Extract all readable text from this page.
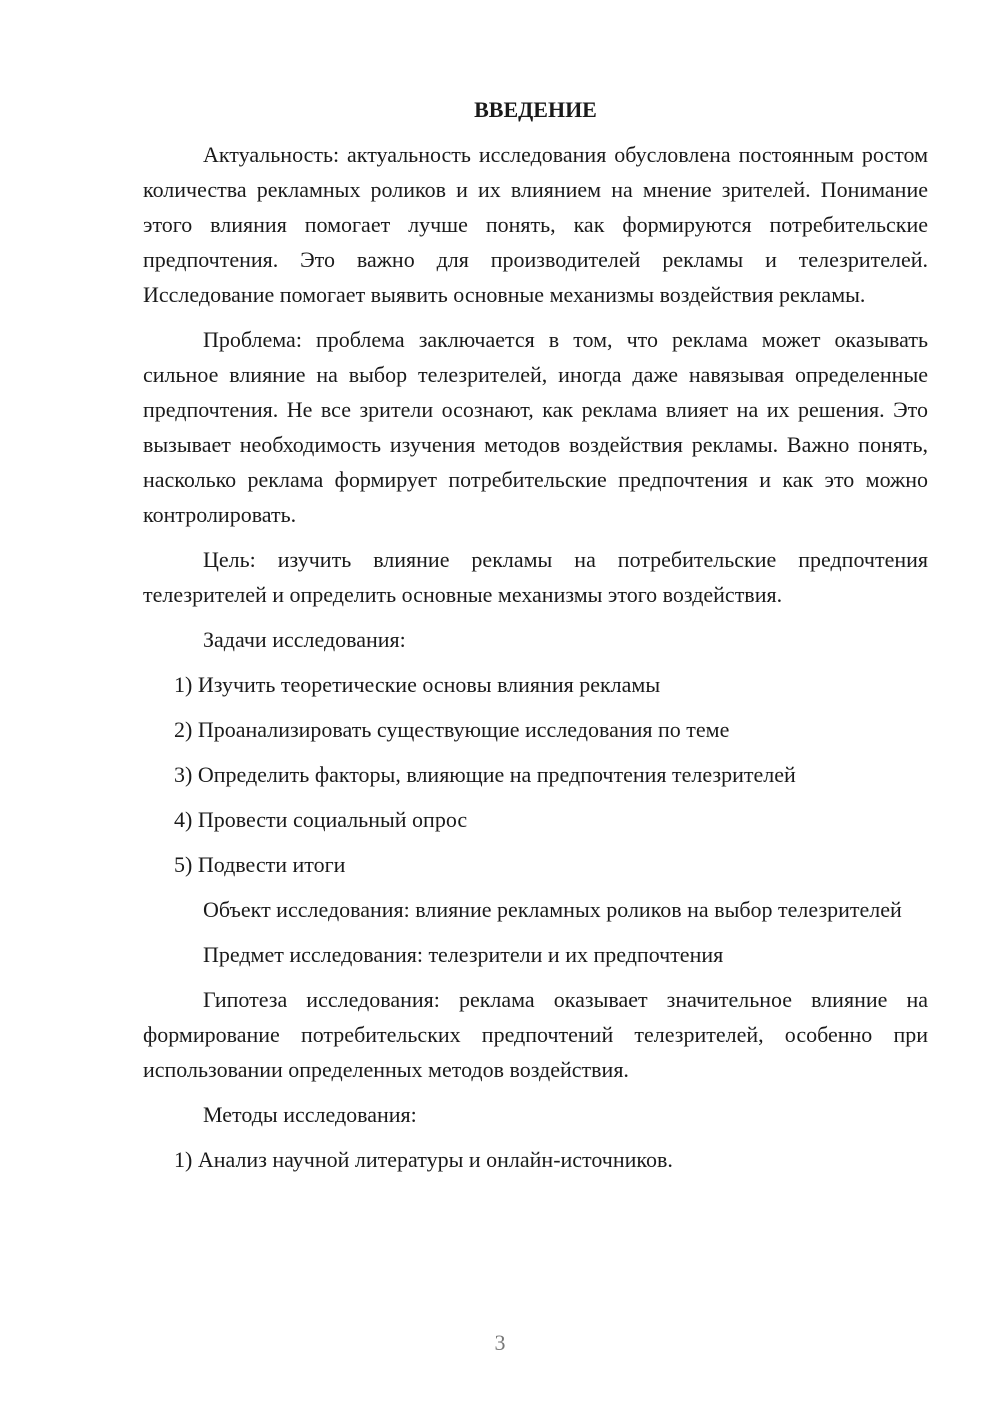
ВВЕДЕНИЕ

Актуальность: актуальность исследования обусловлена постоянным ростом количества рекламных роликов и их влиянием на мнение зрителей. Понимание этого влияния помогает лучше понять, как формируются потребительские предпочтения. Это важно для производителей рекламы и телезрителей. Исследование помогает выявить основные механизмы воздействия рекламы.

Проблема: проблема заключается в том, что реклама может оказывать сильное влияние на выбор телезрителей, иногда даже навязывая определенные предпочтения. Не все зрители осознают, как реклама влияет на их решения. Это вызывает необходимость изучения методов воздействия рекламы. Важно понять, насколько реклама формирует потребительские предпочтения и как это можно контролировать.

Цель: изучить влияние рекламы на потребительские предпочтения телезрителей и определить основные механизмы этого воздействия.

Задачи исследования:

1) Изучить теоретические основы влияния рекламы
2) Проанализировать существующие исследования по теме
3) Определить факторы, влияющие на предпочтения телезрителей
4) Провести социальный опрос
5) Подвести итоги

Объект исследования: влияние рекламных роликов на выбор телезрителей

Предмет исследования: телезрители и их предпочтения

Гипотеза исследования: реклама оказывает значительное влияние на формирование потребительских предпочтений телезрителей, особенно при использовании определенных методов воздействия.

Методы исследования:

1) Анализ научной литературы и онлайн-источников.
3
